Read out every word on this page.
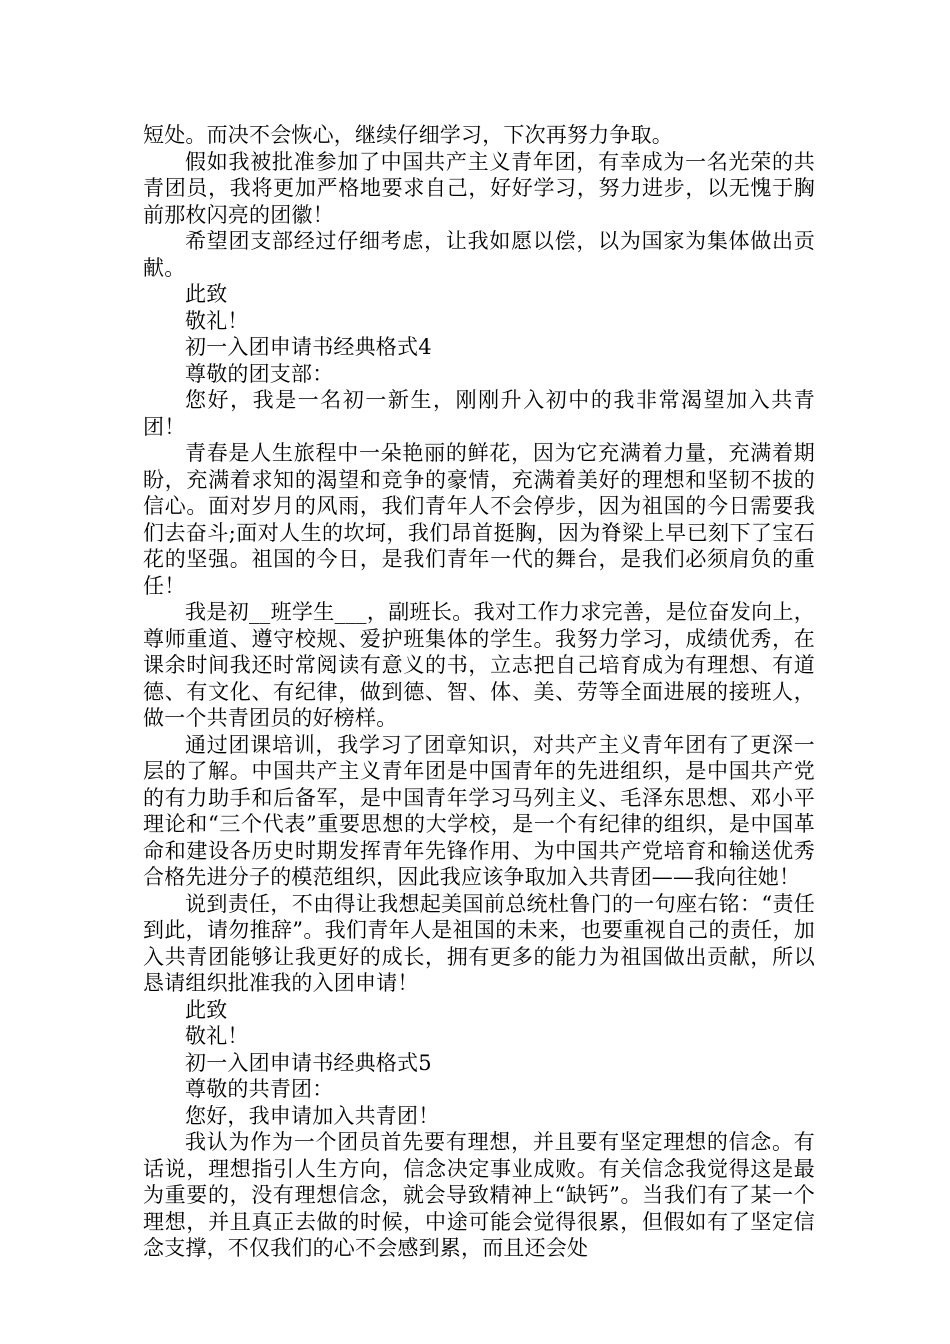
短处。而决不会恢心，继续仔细学习，下次再努力争取。

假如我被批准参加了中国共产主义青年团，有幸成为一名光荣的共青团员，我将更加严格地要求自己，好好学习，努力进步，以无愧于胸前那枚闪亮的团徽！

希望团支部经过仔细考虑，让我如愿以偿，以为国家为集体做出贡献。

此致

敬礼！

初一入团申请书经典格式4

尊敬的团支部：

您好，我是一名初一新生，刚刚升入初中的我非常渴望加入共青团！

青春是人生旅程中一朵艳丽的鲜花，因为它充满着力量，充满着期盼，充满着求知的渴望和竞争的豪情，充满着美好的理想和坚韧不拔的信心。面对岁月的风雨，我们青年人不会停步，因为祖国的今日需要我们去奋斗;面对人生的坎坷，我们昂首挺胸，因为脊梁上早已刻下了宝石花的坚强。祖国的今日，是我们青年一代的舞台，是我们必须肩负的重任！

我是初__班学生___，副班长。我对工作力求完善，是位奋发向上，尊师重道、遵守校规、爱护班集体的学生。我努力学习，成绩优秀，在课余时间我还时常阅读有意义的书，立志把自己培育成为有理想、有道德、有文化、有纪律，做到德、智、体、美、劳等全面进展的接班人，做一个共青团员的好榜样。

通过团课培训，我学习了团章知识，对共产主义青年团有了更深一层的了解。中国共产主义青年团是中国青年的先进组织，是中国共产党的有力助手和后备军，是中国青年学习马列主义、毛泽东思想、邓小平理论和“三个代表”重要思想的大学校，是一个有纪律的组织，是中国革命和建设各历史时期发挥青年先锋作用、为中国共产党培育和输送优秀合格先进分子的模范组织，因此我应该争取加入共青团——我向往她！

说到责任，不由得让我想起美国前总统杜鲁门的一句座右铭：“责任到此，请勿推辞”。我们青年人是祖国的未来，也要重视自己的责任，加入共青团能够让我更好的成长，拥有更多的能力为祖国做出贡献，所以恳请组织批准我的入团申请！

此致

敬礼！

初一入团申请书经典格式5

尊敬的共青团：

您好，我申请加入共青团！

我认为作为一个团员首先要有理想，并且要有坚定理想的信念。有话说，理想指引人生方向，信念决定事业成败。有关信念我觉得这是最为重要的，没有理想信念，就会导致精神上“缺钙”。当我们有了某一个理想，并且真正去做的时候，中途可能会觉得很累，但假如有了坚定信念支撑，不仅我们的心不会感到累，而且还会处
